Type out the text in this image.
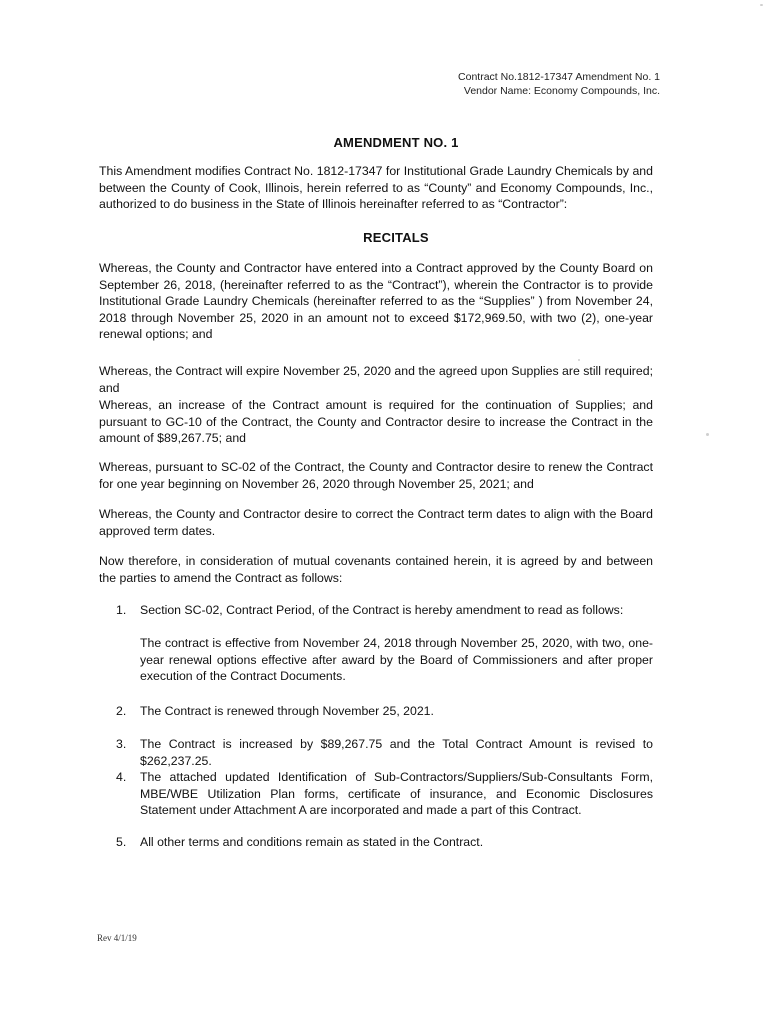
Contract No.1812-17347 Amendment No. 1
Vendor Name: Economy Compounds, Inc.
AMENDMENT NO. 1
This Amendment modifies Contract No. 1812-17347 for Institutional Grade Laundry Chemicals by and between the County of Cook, Illinois, herein referred to as “County” and Economy Compounds, Inc., authorized to do business in the State of Illinois hereinafter referred to as “Contractor”:
RECITALS
Whereas, the County and Contractor have entered into a Contract approved by the County Board on September 26, 2018, (hereinafter referred to as the “Contract”), wherein the Contractor is to provide Institutional Grade Laundry Chemicals (hereinafter referred to as the “Supplies” ) from November 24, 2018 through November 25, 2020 in an amount not to exceed $172,969.50, with two (2), one-year renewal options; and
Whereas, the Contract will expire November 25, 2020 and the agreed upon Supplies are still required; and
Whereas, an increase of the Contract amount is required for the continuation of Supplies; and pursuant to GC-10 of the Contract, the County and Contractor desire to increase the Contract in the amount of $89,267.75; and
Whereas, pursuant to SC-02 of the Contract, the County and Contractor desire to renew the Contract for one year beginning on November 26, 2020 through November 25, 2021; and
Whereas, the County and Contractor desire to correct the Contract term dates to align with the Board approved term dates.
Now therefore, in consideration of mutual covenants contained herein, it is agreed by and between the parties to amend the Contract as follows:
1.	Section SC-02, Contract Period, of the Contract is hereby amendment to read as follows:
The contract is effective from November 24, 2018 through November 25, 2020, with two, one-year renewal options effective after award by the Board of Commissioners and after proper execution of the Contract Documents.
2.	The Contract is renewed through November 25, 2021.
3.	The Contract is increased by $89,267.75 and the Total Contract Amount is revised to $262,237.25.
4.	The attached updated Identification of Sub-Contractors/Suppliers/Sub-Consultants Form, MBE/WBE Utilization Plan forms, certificate of insurance, and Economic Disclosures Statement under Attachment A are incorporated and made a part of this Contract.
5.	All other terms and conditions remain as stated in the Contract.
Rev 4/1/19
